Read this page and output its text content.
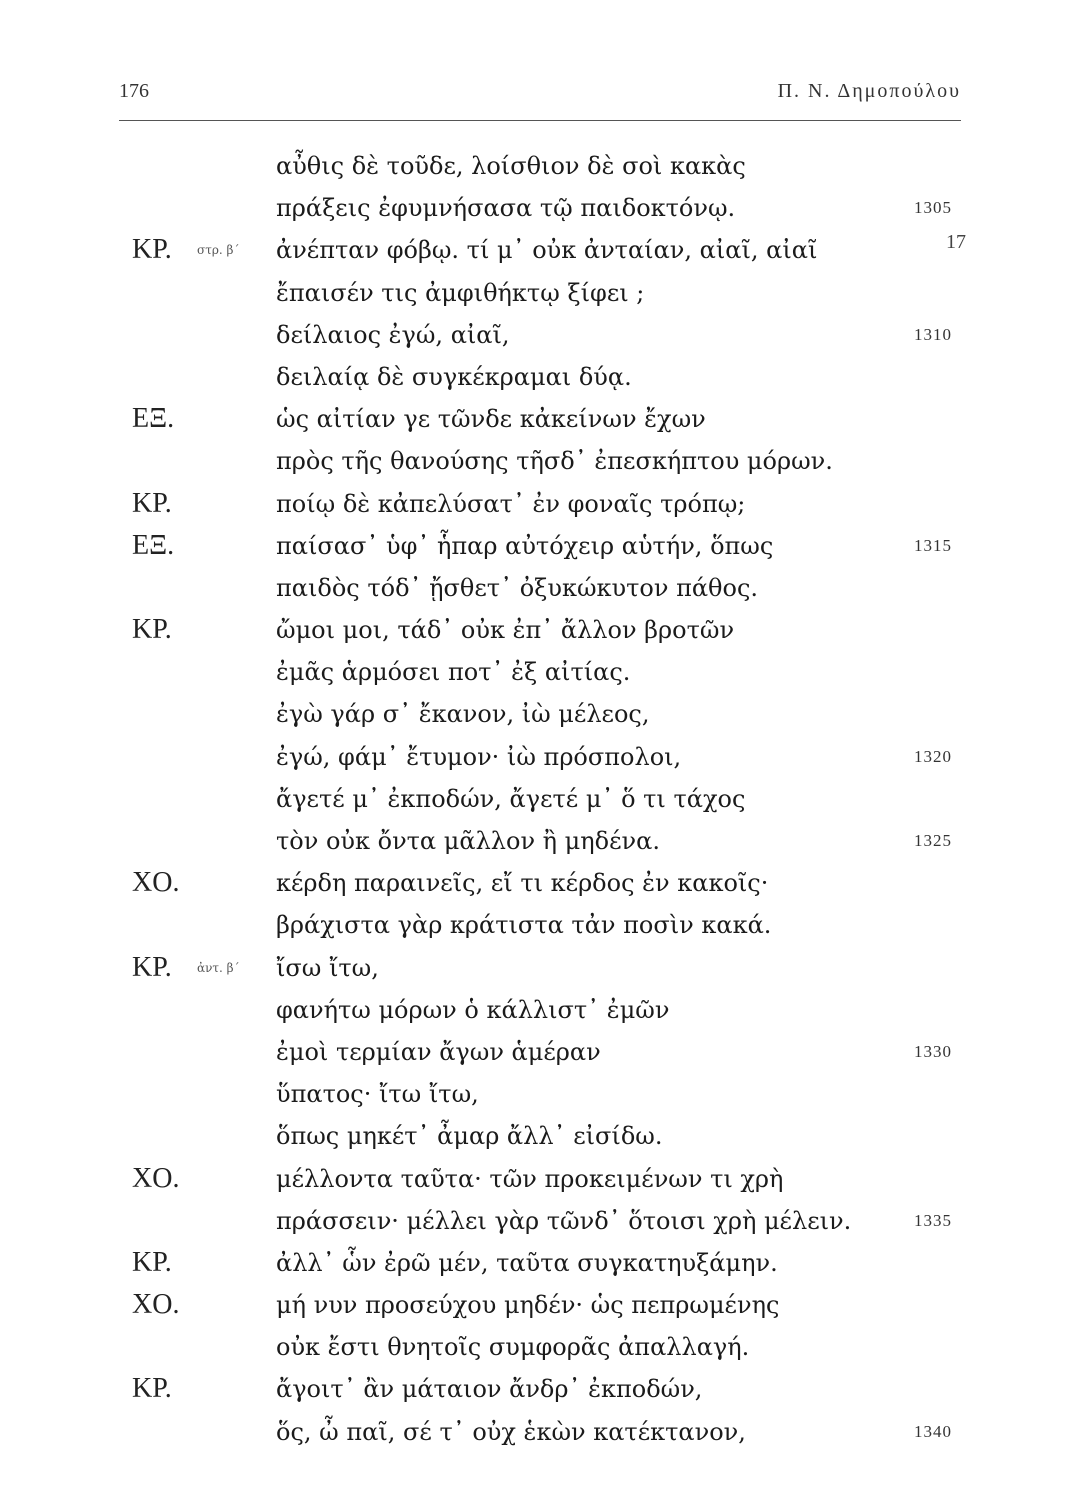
176	Π. Ν. Δημοπούλου
αὖθις δὲ τοῦδε, λοίσθιον δὲ σοὶ κακὰς
πράξεις ἐφυμνήσασα τῷ παιδοκτόνῳ.	1305
ΚΡ. στρ. β΄ ἀνέπταν φόβῳ. τί μ᾽ οὐκ ἀνταίαν, αἰαῖ, αἰαῖ	17
ἔπαισέν τις ἀμφιθήκτῳ ξίφει ;
δείλαιος ἐγώ, αἰαῖ,	1310
δειλαίᾳ δὲ συγκέκραμαι δύᾳ.
ΕΞ.	ὡς αἰτίαν γε τῶνδε κἀκείνων ἔχων
πρὸς τῆς θανούσης τῆσδ᾽ ἐπεσκήπτου μόρων.
ΚΡ.	ποίῳ δὲ κἀπελύσατ᾽ ἐν φοναῖς τρόπῳ;
ΕΞ.	παίσασ᾽ ὑφ᾽ ἧπαρ αὐτόχειρ αὑτήν, ὅπως	1315
παιδὸς τόδ᾽ ᾔσθετ᾽ ὀξυκώκυτον πάθος.
ΚΡ.	ὤμοι μοι, τάδ᾽ οὐκ ἐπ᾽ ἄλλον βροτῶν
ἐμᾶς ἁρμόσει ποτ᾽ ἐξ αἰτίας.
ἐγὼ γάρ σ᾽ ἔκανον, ἰὼ μέλεος,
ἐγώ, φάμ᾽ ἔτυμον· ἰὼ πρόσπολοι,	1320
ἄγετέ μ᾽ ἐκποδών, ἄγετέ μ᾽ ὅ τι τάχος
τὸν οὐκ ὄντα μᾶλλον ἢ μηδένα.	1325
ΧΟ.	κέρδη παραινεῖς, εἴ τι κέρδος ἐν κακοῖς·
βράχιστα γὰρ κράτιστα τἀν ποσὶν κακά.
ΚΡ. ἀντ. β΄ ἴσω ἴτω,
φανήτω μόρων ὁ κάλλιστ᾽ ἐμῶν
ἐμοὶ τερμίαν ἄγων ἁμέραν	1330
ὕπατος· ἴτω ἴτω,
ὅπως μηκέτ᾽ ἆμαρ ἄλλ᾽ εἰσίδω.
ΧΟ.	μέλλοντα ταῦτα· τῶν προκειμένων τι χρὴ
πράσσειν· μέλλει γὰρ τῶνδ᾽ ὅτοισι χρὴ μέλειν.	1335
ΚΡ.	ἀλλ᾽ ὧν ἐρῶ μέν, ταῦτα συγκατηυξάμην.
ΧΟ.	μή νυν προσεύχου μηδέν· ὡς πεπρωμένης
οὐκ ἔστι θνητοῖς συμφορᾶς ἀπαλλαγή.
ΚΡ.	ἄγοιτ᾽ ἂν μάταιον ἄνδρ᾽ ἐκποδών,
ὅς, ὦ παῖ, σέ τ᾽ οὐχ ἑκὼν κατέκτανον,	1340
